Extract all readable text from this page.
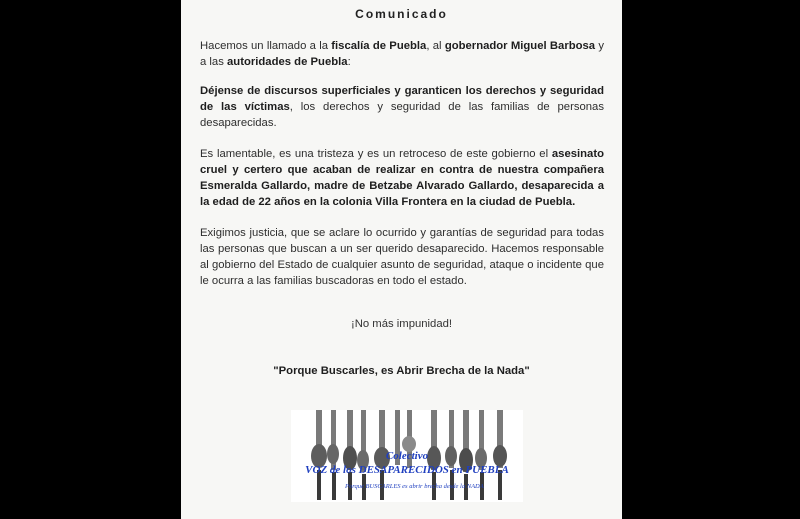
Comunicado
Hacemos un llamado a la fiscalía de Puebla, al gobernador Miguel Barbosa y a las autoridades de Puebla:
Déjense de discursos superficiales y garanticen los derechos y seguridad de las víctimas, los derechos y seguridad de las familias de personas desaparecidas.
Es lamentable, es una tristeza y es un retroceso de este gobierno el asesinato cruel y certero que acaban de realizar en contra de nuestra compañera Esmeralda Gallardo, madre de Betzabe Alvarado Gallardo, desaparecida a la edad de 22 años en la colonia Villa Frontera en la ciudad de Puebla.
Exigimos justicia, que se aclare lo ocurrido y garantías de seguridad para todas las personas que buscan a un ser querido desaparecido. Hacemos responsable al gobierno del Estado de cualquier asunto de seguridad, ataque o incidente que le ocurra a las familias buscadoras en todo el estado.
¡No más impunidad!
"Porque Buscarles, es Abrir Brecha de la Nada"
Colectivo
VOZ de los DESAPARECIDOS en PUEBLA
Porque BUSCARLES es abrir brecha desde la NADA
